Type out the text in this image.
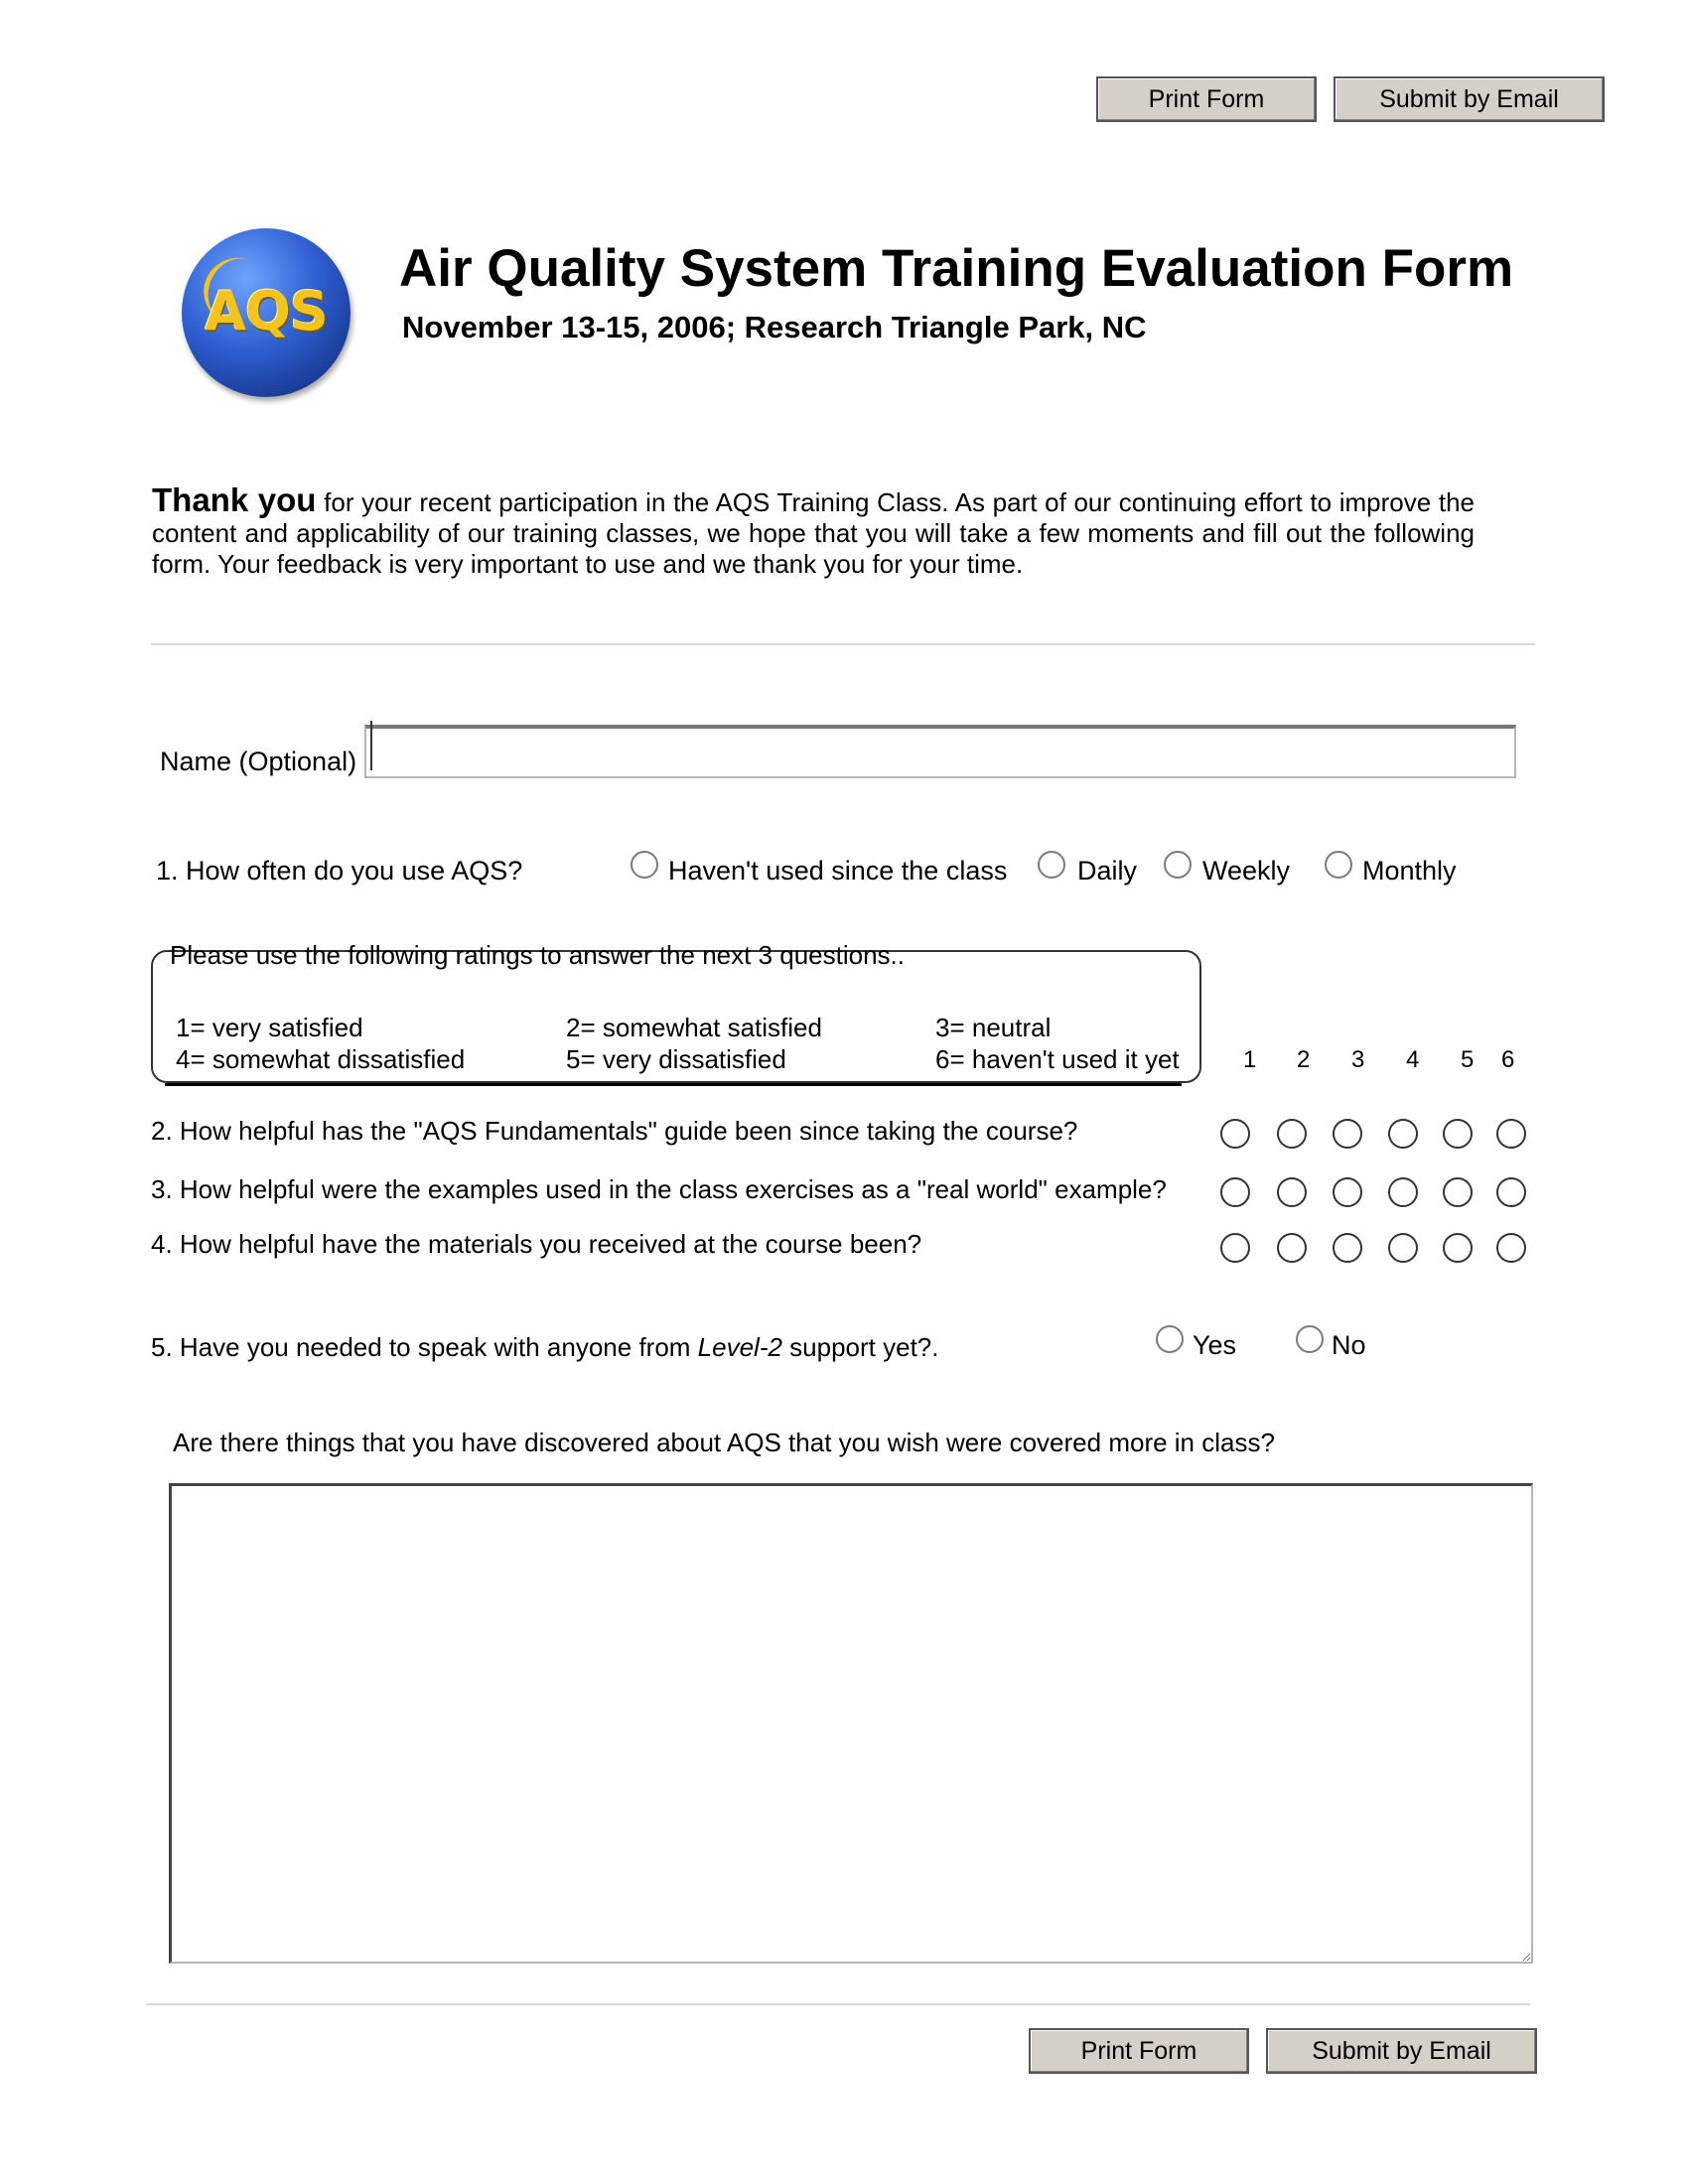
Print Form	Submit by Email
AQS
Air Quality System Training Evaluation Form
November 13-15, 2006; Research Triangle Park, NC
Thank you for your recent participation in the AQS Training Class. As part of our continuing effort to improve the content and applicability of our training classes, we hope that you will take a few moments and fill out the following form. Your feedback is very important to use and we thank you for your time.
Name (Optional)
1. How often do you use AQS?	Haven't used since the class	Daily Weekly	Monthly
Please use the following ratings to answer the next 3 questions..
1= very satisfied	2= somewhat satisfied	3= neutral
4= somewhat dissatisfied	5= very dissatisfied	6= haven't used it yet	1 2 3 4 5 6
2. How helpful has the "AQS Fundamentals" guide been since taking the course?
3. How helpful were the examples used in the class exercises as a "real world" example?
4. How helpful have the materials you received at the course been?
5. Have you needed to speak with anyone from Level-2 support yet?.	Yes	No
Are there things that you have discovered about AQS that you wish were covered more in class?
Print Form	Submit by Email
